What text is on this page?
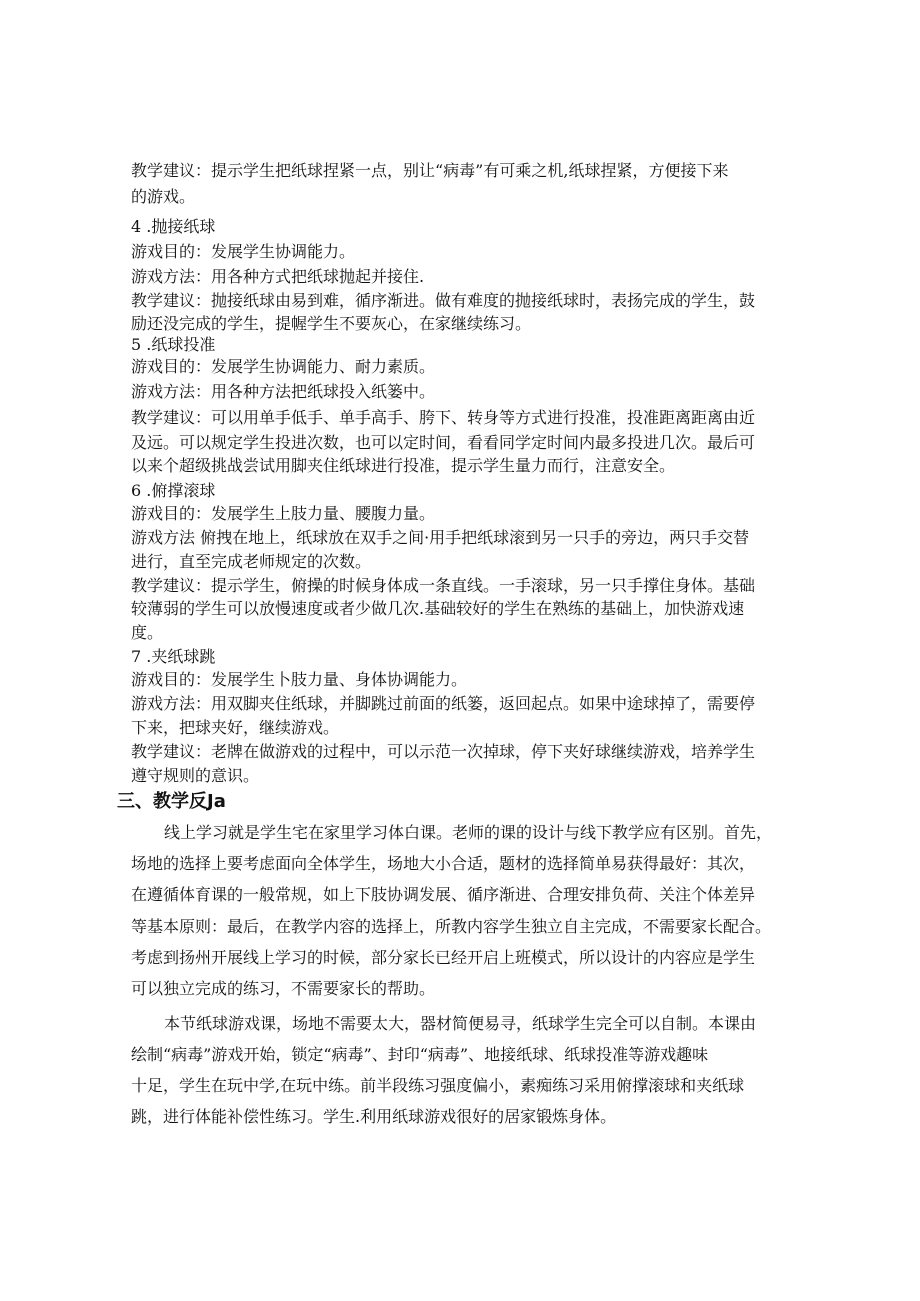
教学建议：提示学生把纸球捏紧一点，别让“病毒”有可乘之机,纸球捏紧，方便接下来
的游戏。
4 .抛接纸球
游戏目的：发展学生协调能力。
游戏方法：用各种方式把纸球抛起并接住.
教学建议：抛接纸球由易到难，循序渐进。做有难度的抛接纸球时，表扬完成的学生，鼓
励还没完成的学生，提幄学生不要灰心，在家继续练习。
5 .纸球投准
游戏目的：发展学生协调能力、耐力素质。
游戏方法：用各种方法把纸球投入纸篓中。
教学建议：可以用单手低手、单手高手、胯下、转身等方式进行投准，投准距离距离由近
及远。可以规定学生投进次数，也可以定时间，看看同学定时间内最多投进几次。最后可
以来个超级挑战尝试用脚夹住纸球进行投准，提示学生量力而行，注意安全。
6 .俯撑滚球
游戏目的：发展学生上肢力量、腰腹力量。
游戏方法 俯拽在地上，纸球放在双手之间·用手把纸球滚到另一只手的旁边，两只手交替
进行，直至完成老师规定的次数。
教学建议：提示学生，俯操的时候身体成一条直线。一手滚球，另一只手撑住身体。基础
较薄弱的学生可以放慢速度或者少做几次.基础较好的学生在熟练的基础上，加快游戏速
度。
7 .夹纸球跳
游戏目的：发展学生卜肢力量、身体协调能力。
游戏方法：用双脚夹住纸球，并脚跳过前面的纸篓，返回起点。如果中途球掉了，需要停
下来，把球夹好，继续游戏。
教学建议：老牌在做游戏的过程中，可以示范一次掉球，停下夹好球继续游戏，培养学生
遵守规则的意识。
三、教学反Ja
线上学习就是学生宅在家里学习体白课。老师的课的设计与线下教学应有区别。首先，
场地的选择上要考虑面向全体学生，场地大小合适，题材的选择简单易获得最好：其次，
在遵循体育课的一般常规，如上下肢协调发展、循序渐进、合理安排负荷、关注个体差异
等基本原则：最后，在教学内容的选择上，所教内容学生独立自主完成，不需要家长配合。
考虑到扬州开展线上学习的时候，部分家长已经开启上班模式，所以设计的内容应是学生
可以独立完成的练习，不需要家长的帮助。
本节纸球游戏课，场地不需要太大，器材简便易寻，纸球学生完全可以自制。本课由
绘制“病毒”游戏开始，锁定“病毒”、封印“病毒”、地接纸球、纸球投准等游戏趣味
十足，学生在玩中学,在玩中练。前半段练习强度偏小，素痴练习采用俯撑滚球和夹纸球
跳，进行体能补偿性练习。学生.利用纸球游戏很好的居家锻炼身体。
